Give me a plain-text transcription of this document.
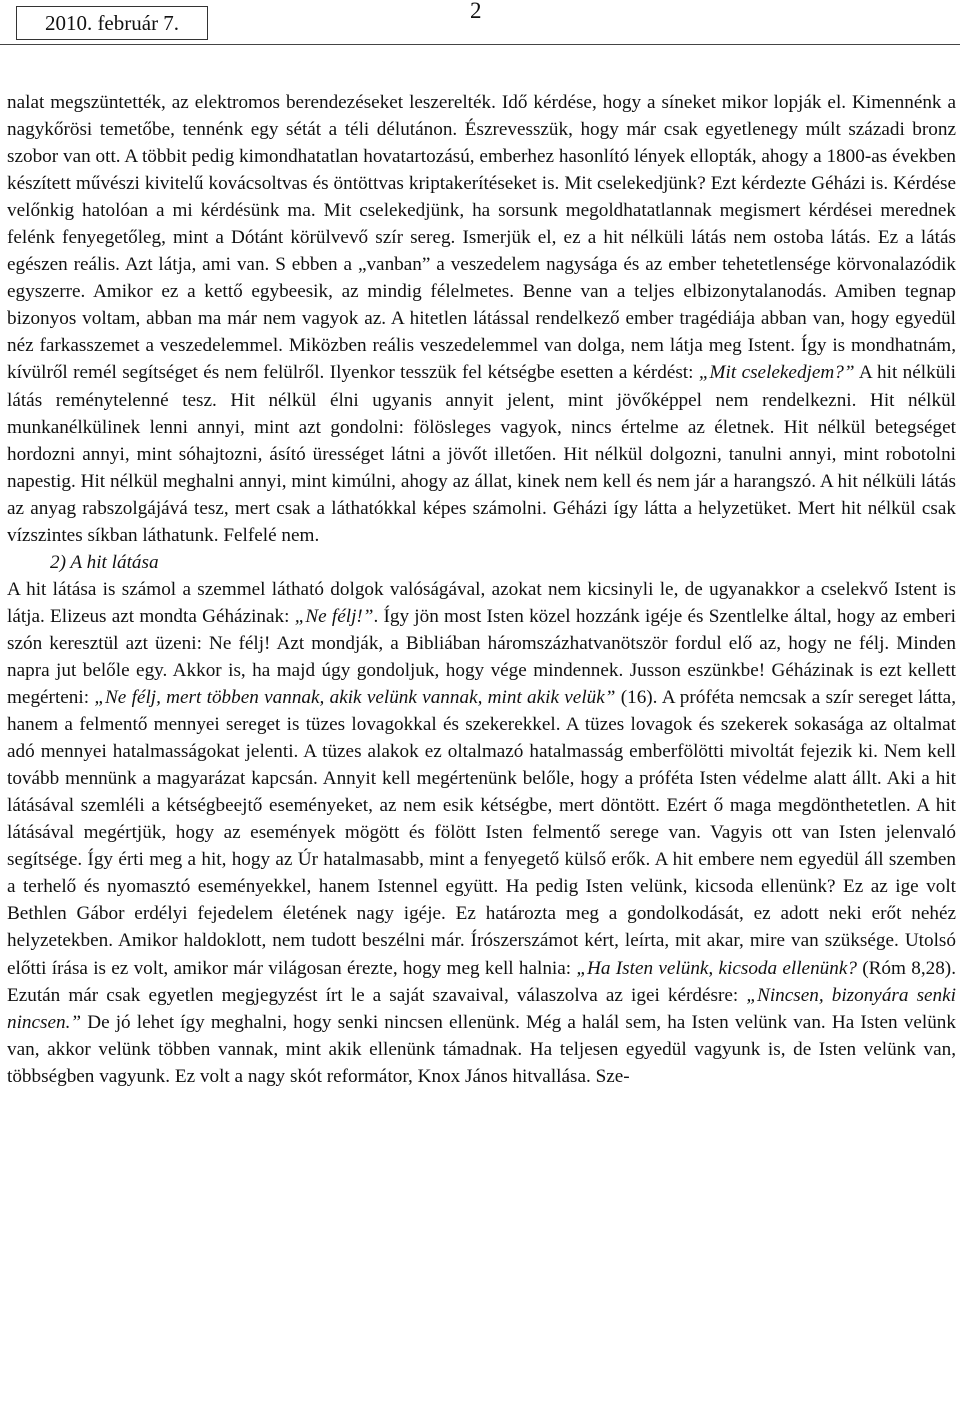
2010. február 7.	2

nalat megszüntették, az elektromos berendezéseket leszerelték. Idő kérdése, hogy a síneket mikor lopják el. Kimennénk a nagykőrösi temetőbe, tennénk egy sétát a téli délutánon. Észrevesszük, hogy már csak egyetlenegy múlt századi bronz szobor van ott. A többit pedig kimondhatatlan hovatartozású, emberhez hasonlító lények ellopták, ahogy a 1800-as években készített művészi kivitelű kovácsoltvas és öntöttvas kriptakerítéseket is. Mit cselekedjünk? Ezt kérdezte Géházi is. Kérdése velőnkig hatolóan a mi kérdésünk ma. Mit cselekedjünk, ha sorsunk megoldhatatlannak megismert kérdései merednek felénk fenyegetőleg, mint a Dótánt körülvevő szír sereg. Ismerjük el, ez a hit nélküli látás nem ostoba látás. Ez a látás egészen reális. Azt látja, ami van. S ebben a „vanban” a veszedelem nagysága és az ember tehetetlensége körvonalazódik egyszerre. Amikor ez a kettő egybeesik, az mindig félelmetes. Benne van a teljes elbizonytalanodás. Amiben tegnap bizonyos voltam, abban ma már nem vagyok az. A hitetlen látással rendelkező ember tragédiája abban van, hogy egyedül néz farkasszemet a veszedelemmel. Miközben reális veszedelemmel van dolga, nem látja meg Istent. Így is mondhatnám, kívülről remél segítséget és nem felülről. Ilyenkor tesszük fel kétségbe esetten a kérdést: „Mit cselekedjem?” A hit nélküli látás reménytelenné tesz. Hit nélkül élni ugyanis annyit jelent, mint jövőképpel nem rendelkezni. Hit nélkül munkanélkülinek lenni annyi, mint azt gondolni: fölösleges vagyok, nincs értelme az életnek. Hit nélkül betegséget hordozni annyi, mint sóhajtozni, ásító ürességet látni a jövőt illetően. Hit nélkül dolgozni, tanulni annyi, mint robotolni napestig. Hit nélkül meghalni annyi, mint kimúlni, ahogy az állat, kinek nem kell és nem jár a harangszó. A hit nélküli látás az anyag rabszolgájává tesz, mert csak a láthatókkal képes számolni. Géházi így látta a helyzetüket. Mert hit nélkül csak vízszintes síkban láthatunk. Felfelé nem.

2) A hit látása

A hit látása is számol a szemmel látható dolgok valóságával, azokat nem kicsinyli le, de ugyanakkor a cselekvő Istent is látja. Elizeus azt mondta Géházinak: „Ne félj!”. Így jön most Isten közel hozzánk igéje és Szentlelke által, hogy az emberi szón keresztül azt üzeni: Ne félj! Azt mondják, a Bibliában háromszázhatvanötször fordul elő az, hogy ne félj. Minden napra jut belőle egy. Akkor is, ha majd úgy gondoljuk, hogy vége mindennek. Jusson eszünkbe! Géházinak is ezt kellett megérteni: „Ne félj, mert többen vannak, akik velünk vannak, mint akik velük” (16). A próféta nemcsak a szír sereget látta, hanem a felmentő mennyei sereget is tüzes lovagokkal és szekerekkel. A tüzes lovagok és szekerek sokasága az oltalmat adó mennyei hatalmasságokat jelenti. A tüzes alakok ez oltalmazó hatalmasság emberfölötti mivoltát fejezik ki. Nem kell tovább mennünk a magyarázat kapcsán. Annyit kell megértenünk belőle, hogy a próféta Isten védelme alatt állt. Aki a hit látásával szemléli a kétségbeejtő eseményeket, az nem esik kétségbe, mert döntött. Ezért ő maga megdönthetetlen. A hit látásával megértjük, hogy az események mögött és fölött Isten felmentő serege van. Vagyis ott van Isten jelenvaló segítsége. Így érti meg a hit, hogy az Úr hatalmasabb, mint a fenyegető külső erők. A hit embere nem egyedül áll szemben a terhelő és nyomasztó eseményekkel, hanem Istennel együtt. Ha pedig Isten velünk, kicsoda ellenünk? Ez az ige volt Bethlen Gábor erdélyi fejedelem életének nagy igéje. Ez határozta meg a gondolkodását, ez adott neki erőt nehéz helyzetekben. Amikor haldoklott, nem tudott beszélni már. Írószerszámot kért, leírta, mit akar, mire van szüksége. Utolsó előtti írása is ez volt, amikor már világosan érezte, hogy meg kell halnia: „Ha Isten velünk, kicsoda ellenünk? (Róm 8,28). Ezután már csak egyetlen megjegyzést írt le a saját szavaival, válaszolva az igei kérdésre: „Nincsen, bizonyára senki nincsen.” De jó lehet így meghalni, hogy senki nincsen ellenünk. Még a halál sem, ha Isten velünk van. Ha Isten velünk van, akkor velünk többen vannak, mint akik ellenünk támadnak. Ha teljesen egyedül vagyunk is, de Isten velünk van, többségben vagyunk. Ez volt a nagy skót reformátor, Knox János hitvallása. Sze-
